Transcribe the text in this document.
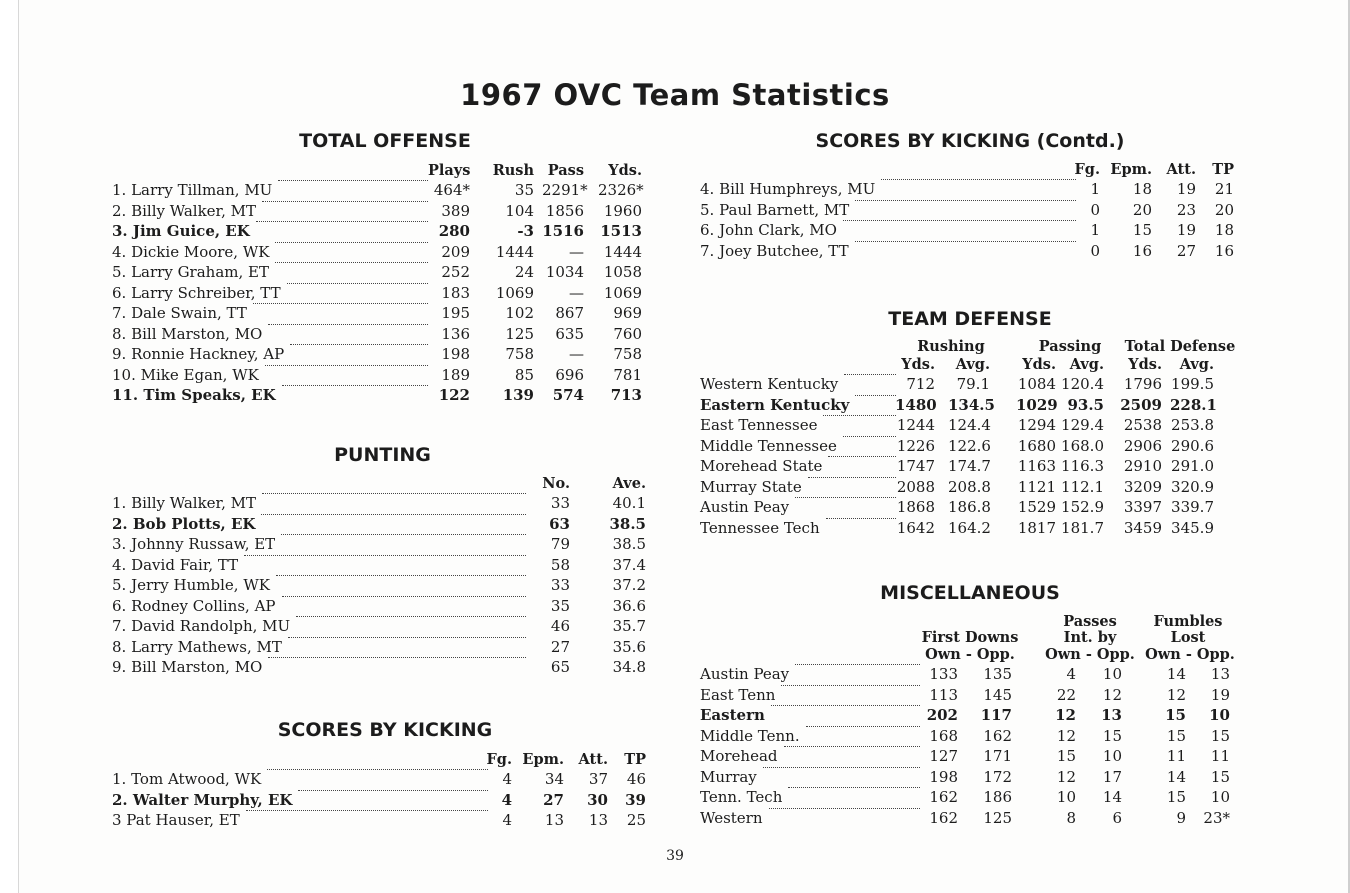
1967 OVC Team Statistics
TOTAL OFFENSE
Plays	Rush Pass	Yds.
1. Larry Tillman, MU	464*	35 2291* 2326*
2. Billy Walker, MT	389	104 1856	1960
3. Jim Guice, EK	280	-3 1516 1513
4. Dickie Moore, WK	209	1444	—	1444
5. Larry Graham, ET	252	24 1034	1058
6. Larry Schreiber, TT	183	1069	—	1069
7. Dale Swain, TT	195	102	867	969
8. Bill Marston, MO	136	125	635	760
9. Ronnie Hackney, AP	198	758	—	758
10. Mike Egan, WK	189	85	696	781
11. Tim Speaks, EK	122	139	574	713
PUNTING
No.	Ave.
1. Billy Walker, MT	33	40.1
2. Bob Plotts, EK	63	38.5
3. Johnny Russaw, ET	79	38.5
4. David Fair, TT	58	37.4
5. Jerry Humble, WK	33	37.2
6. Rodney Collins, AP	35	36.6
7. David Randolph, MU	46	35.7
8. Larry Mathews, MT	27	35.6
9. Bill Marston, MO	65	34.8
SCORES BY KICKING
Fg. Epm.	Att.	TP
1. Tom Atwood, WK	4	34	37	46
2. Walter Murphy, EK	4	27	30	39
3 Pat Hauser, ET	4	13	13	25
SCORES BY KICKING (Contd.)
Fg. Epm.	Att.	TP
4. Bill Humphreys, MU	1	18	19	21
5. Paul Barnett, MT	0	20	23	20
6. John Clark, MO	1	15	19	18
7. Joey Butchee, TT	0	16	27	16
TEAM DEFENSE
Rushing	Passing	Total Defense
Yds.	Avg.	Yds. Avg.	Yds.	Avg.
Western Kentucky	712	79.1 1084 120.4 1796 199.5
Eastern Kentucky	1480 134.5 1029 93.5 2509 228.1
East Tennessee	1244 124.4 1294 129.4 2538 253.8
Middle Tennessee	1226 122.6 1680 168.0 2906 290.6
Morehead State	1747 174.7 1163 116.3 2910 291.0
Murray State	2088 208.8 1121 112.1 3209 320.9
Austin Peay	1868 186.8 1529 152.9 3397 339.7
Tennessee Tech	1642 164.2 1817 181.7 3459 345.9
MISCELLANEOUS
Passes	Fumbles
First Downs	Int. by	Lost
Own - Opp.	Own - Opp. Own - Opp.
Austin Peay	133	135	4	10	14	13
East Tenn	113	145	22	12	12	19
Eastern	202 117	12	13	15	10
Middle Tenn.	168	162	12	15	15	15
Morehead	127	171	15	10	11	11
Murray	198	172	12	17	14	15
Tenn. Tech	162	186	10	14	15	10
Western	162	125	8	6	9 23*
39
